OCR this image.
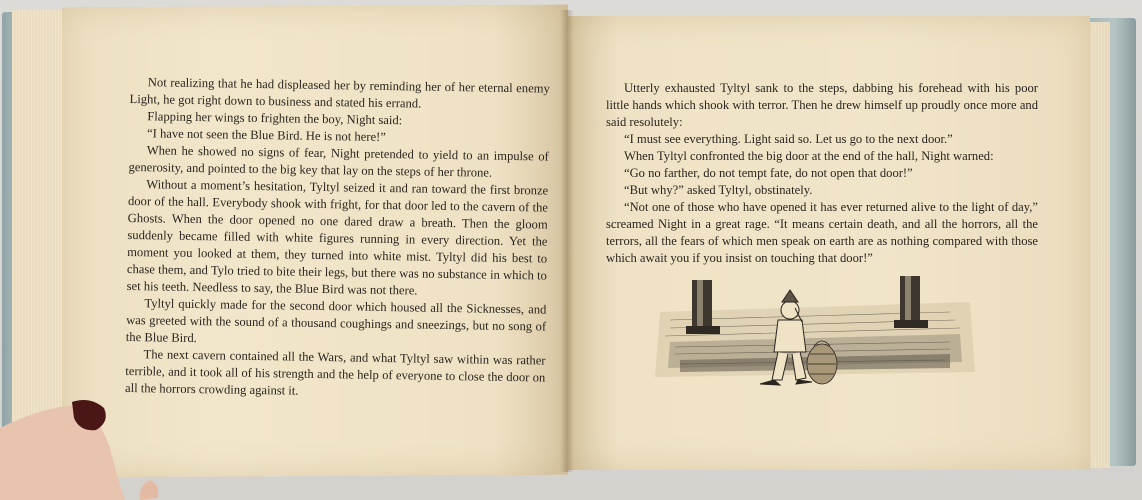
Not realizing that he had displeased her by reminding her of her eternal enemy Light, he got right down to business and stated his errand.

Flapping her wings to frighten the boy, Night said:

“I have not seen the Blue Bird. He is not here!”

When he showed no signs of fear, Night pretended to yield to an impulse of generosity, and pointed to the big key that lay on the steps of her throne.

Without a moment’s hesitation, Tyltyl seized it and ran toward the first bronze door of the hall. Everybody shook with fright, for that door led to the cavern of the Ghosts. When the door opened no one dared draw a breath. Then the gloom suddenly became filled with white figures running in every direction. Yet the moment you looked at them, they turned into white mist. Tyltyl did his best to chase them, and Tylo tried to bite their legs, but there was no substance in which to set his teeth. Needless to say, the Blue Bird was not there.

Tyltyl quickly made for the second door which housed all the Sicknesses, and was greeted with the sound of a thousand coughings and sneezings, but no song of the Blue Bird.

The next cavern contained all the Wars, and what Tyltyl saw within was rather terrible, and it took all of his strength and the help of everyone to close the door on all the horrors crowding against it.

Utterly exhausted Tyltyl sank to the steps, dabbing his forehead with his poor little hands which shook with terror. Then he drew himself up proudly once more and said resolutely:

“I must see everything. Light said so. Let us go to the next door.”

When Tyltyl confronted the big door at the end of the hall, Night warned:

“Go no farther, do not tempt fate, do not open that door!”

“But why?” asked Tyltyl, obstinately.

“Not one of those who have opened it has ever returned alive to the light of day,” screamed Night in a great rage. “It means certain death, and all the horrors, all the terrors, all the fears of which men speak on earth are as nothing compared with those which await you if you insist on touching that door!”
